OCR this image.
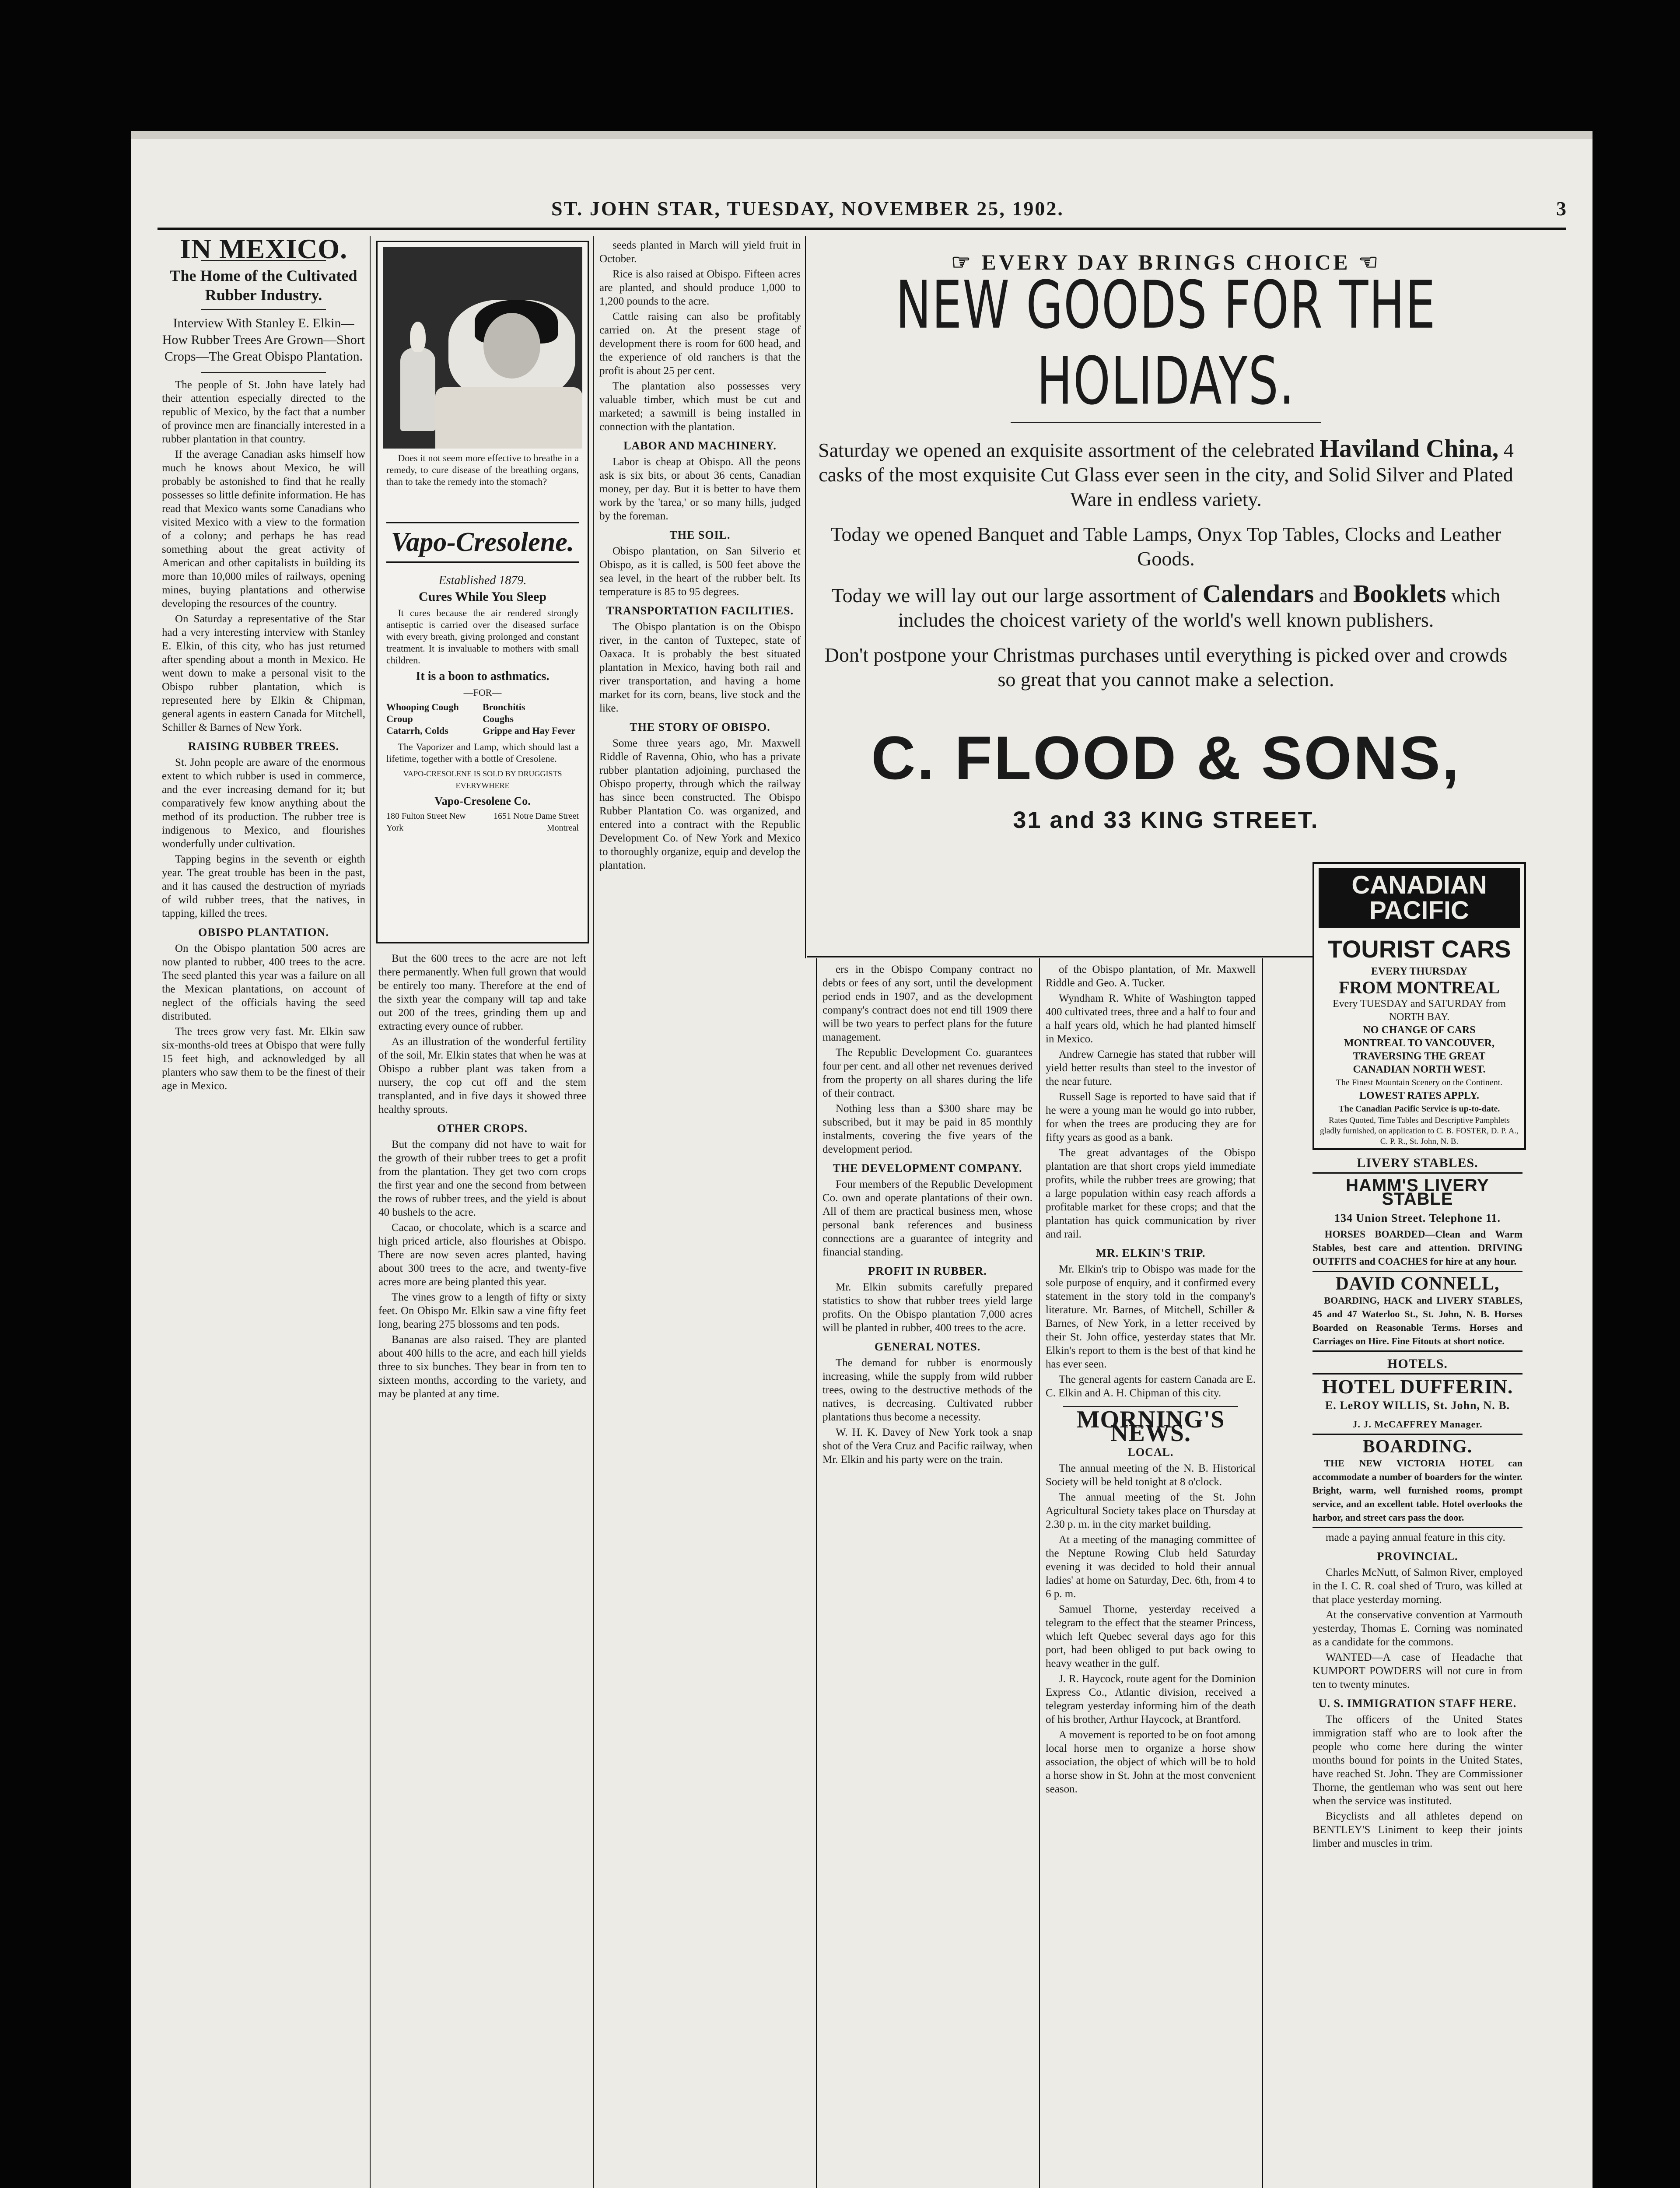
ST. JOHN STAR, TUESDAY, NOVEMBER 25, 1902.	3
IN MEXICO.
The Home of the Cultivated Rubber Industry.
Interview With Stanley E. Elkin—How Rubber Trees Are Grown—Short Crops—The Great Obispo Plantation.

The people of St. John have lately had their attention especially directed to the republic of Mexico, by the fact that a number of province men are financially interested in a rubber plantation in that country.

If the average Canadian asks himself how much he knows about Mexico, he will probably be astonished to find that he really possesses so little definite information. He has read that Mexico wants some Canadians who visited Mexico with a view to the formation of a colony; and perhaps he has read something about the great activity of American and other capitalists in building its more than 10,000 miles of railways, opening mines, buying plantations and otherwise developing the resources of the country.

On Saturday a representative of the Star had a very interesting interview with Stanley E. Elkin, of this city, who has just returned after spending about a month in Mexico. He went down to make a personal visit to the Obispo rubber plantation, which is represented here by Elkin & Chipman, general agents in eastern Canada for Mitchell, Schiller & Barnes of New York.

RAISING RUBBER TREES.

St. John people are aware of the enormous extent to which rubber is used in commerce, and the ever increasing demand for it; but comparatively few know anything about the method of its production. The rubber tree is indigenous to Mexico, and flourishes wonderfully under cultivation.

Tapping begins in the seventh or eighth year. The great trouble has been in the past, and it has caused the destruction of myriads of wild rubber trees, that the natives, in tapping, killed the trees.

OBISPO PLANTATION.

On the Obispo plantation 500 acres are now planted to rubber, 400 trees to the acre. The seed planted this year was a failure on all the Mexican plantations, on account of neglect of the officials having the seed distributed.

The trees grow very fast. Mr. Elkin saw six-months-old trees at Obispo that were fully 15 feet high, and acknowledged by all planters who saw them to be the finest of their age in Mexico.

Does it not seem more effective to breathe in a remedy, to cure disease of the breathing organs, than to take the remedy into the stomach?

Vapo-Cresolene.
Established 1879.
Cures While You Sleep

It cures because the air rendered strongly antiseptic is carried over the diseased surface with every breath, giving prolonged and constant treatment. It is invaluable to mothers with small children.

It is a boon to asthmatics.
—FOR—
Whooping Cough	Bronchitis
Croup	Coughs
Catarrh, Colds	Grippe and Hay Fever

The Vaporizer and Lamp, which should last a lifetime, together with a bottle of Cresolene.

VAPO-CRESOLENE IS SOLD BY DRUGGISTS EVERYWHERE
Vapo-Cresolene Co.
180 Fulton Street New York
1651 Notre Dame Street Montreal

But the 600 trees to the acre are not left there permanently. When full grown that would be entirely too many. Therefore at the end of the sixth year the company will tap and take out 200 of the trees, grinding them up and extracting every ounce of rubber.

As an illustration of the wonderful fertility of the soil, Mr. Elkin states that when he was at Obispo a rubber plant was taken from a nursery, the cop cut off and the stem transplanted, and in five days it showed three healthy sprouts.

OTHER CROPS.

But the company did not have to wait for the growth of their rubber trees to get a profit from the plantation. They get two corn crops the first year and one the second from between the rows of rubber trees, and the yield is about 40 bushels to the acre.

Cacao, or chocolate, which is a scarce and high priced article, also flourishes at Obispo. There are now seven acres planted, having about 300 trees to the acre, and twenty-five acres more are being planted this year.

The vines grow to a length of fifty or sixty feet. On Obispo Mr. Elkin saw a vine fifty feet long, bearing 275 blossoms and ten pods.

Bananas are also raised. They are planted about 400 hills to the acre, and each hill yields three to six bunches. They bear in from ten to sixteen months, according to the variety, and may be planted at any time.

seeds planted in March will yield fruit in October.

Rice is also raised at Obispo. Fifteen acres are planted, and should produce 1,000 to 1,200 pounds to the acre.

Cattle raising can also be profitably carried on. At the present stage of development there is room for 600 head, and the experience of old ranchers is that the profit is about 25 per cent.

The plantation also possesses very valuable timber, which must be cut and marketed; a sawmill is being installed in connection with the plantation.

LABOR AND MACHINERY.

Labor is cheap at Obispo. All the peons ask is six bits, or about 36 cents, Canadian money, per day. But it is better to have them work by the 'tarea,' or so many hills, judged by the foreman.

THE SOIL.

Obispo plantation, on San Silverio et Obispo, as it is called, is 500 feet above the sea level, in the heart of the rubber belt. Its temperature is 85 to 95 degrees.

TRANSPORTATION FACILITIES.

The Obispo plantation is on the Obispo river, in the canton of Tuxtepec, state of Oaxaca. It is probably the best situated plantation in Mexico, having both rail and river transportation, and having a home market for its corn, beans, live stock and the like.

THE STORY OF OBISPO.

Some three years ago, Mr. Maxwell Riddle of Ravenna, Ohio, who has a private rubber plantation adjoining, purchased the Obispo property, through which the railway has since been constructed. The Obispo Rubber Plantation Co. was organized, and entered into a contract with the Republic Development Co. of New York and Mexico to thoroughly organize, equip and develop the plantation.

☞ EVERY DAY BRINGS CHOICE ☜
NEW GOODS FOR THE HOLIDAYS.

Saturday we opened an exquisite assortment of the celebrated Haviland China, 4 casks of the most exquisite Cut Glass ever seen in the city, and Solid Silver and Plated Ware in endless variety.

Today we opened Banquet and Table Lamps, Onyx Top Tables, Clocks and Leather Goods.

Today we will lay out our large assortment of Calendars and Booklets which includes the choicest variety of the world's well known publishers.

Don't postpone your Christmas purchases until everything is picked over and crowds so great that you cannot make a selection.

C. FLOOD & SONS,
31 and 33 KING STREET.

ers in the Obispo Company contract no debts or fees of any sort, until the development period ends in 1907, and as the development company's contract does not end till 1909 there will be two years to perfect plans for the future management.

The Republic Development Co. guarantees four per cent. and all other net revenues derived from the property on all shares during the life of their contract.

Nothing less than a $300 share may be subscribed, but it may be paid in 85 monthly instalments, covering the five years of the development period.

THE DEVELOPMENT COMPANY.

Four members of the Republic Development Co. own and operate plantations of their own. All of them are practical business men, whose personal bank references and business connections are a guarantee of integrity and financial standing.

PROFIT IN RUBBER.

Mr. Elkin submits carefully prepared statistics to show that rubber trees yield large profits. On the Obispo plantation 7,000 acres will be planted in rubber, 400 trees to the acre.

GENERAL NOTES.

The demand for rubber is enormously increasing, while the supply from wild rubber trees, owing to the destructive methods of the natives, is decreasing. Cultivated rubber plantations thus become a necessity.

W. H. K. Davey of New York took a snap shot of the Vera Cruz and Pacific railway, when Mr. Elkin and his party were on the train.

of the Obispo plantation, of Mr. Maxwell Riddle and Geo. A. Tucker.

Wyndham R. White of Washington tapped 400 cultivated trees, three and a half to four and a half years old, which he had planted himself in Mexico.

Andrew Carnegie has stated that rubber will yield better results than steel to the investor of the near future.

Russell Sage is reported to have said that if he were a young man he would go into rubber, for when the trees are producing they are for fifty years as good as a bank.

The great advantages of the Obispo plantation are that short crops yield immediate profits, while the rubber trees are growing; that a large population within easy reach affords a profitable market for these crops; and that the plantation has quick communication by river and rail.

MR. ELKIN'S TRIP.

Mr. Elkin's trip to Obispo was made for the sole purpose of enquiry, and it confirmed every statement in the story told in the company's literature. Mr. Barnes, of Mitchell, Schiller & Barnes, of New York, in a letter received by their St. John office, yesterday states that Mr. Elkin's report to them is the best of that kind he has ever seen.

The general agents for eastern Canada are E. C. Elkin and A. H. Chipman of this city.

MORNING'S NEWS.
LOCAL.

The annual meeting of the N. B. Historical Society will be held tonight at 8 o'clock.

The annual meeting of the St. John Agricultural Society takes place on Thursday at 2.30 p. m. in the city market building.

At a meeting of the managing committee of the Neptune Rowing Club held Saturday evening it was decided to hold their annual ladies' at home on Saturday, Dec. 6th, from 4 to 6 p. m.

Samuel Thorne, yesterday received a telegram to the effect that the steamer Princess, which left Quebec several days ago for this port, had been obliged to put back owing to heavy weather in the gulf.

J. R. Haycock, route agent for the Dominion Express Co., Atlantic division, received a telegram yesterday informing him of the death of his brother, Arthur Haycock, at Brantford.

A movement is reported to be on foot among local horse men to organize a horse show association, the object of which will be to hold a horse show in St. John at the most convenient season.

CANADIAN
PACIFIC
TOURIST CARS
EVERY THURSDAY
FROM MONTREAL
Every TUESDAY and SATURDAY from NORTH BAY.
NO CHANGE OF CARS
MONTREAL TO VANCOUVER,
TRAVERSING THE GREAT
CANADIAN NORTH WEST.
The Finest Mountain Scenery on the Continent.
LOWEST RATES APPLY.
The Canadian Pacific Service is up-to-date.
Rates Quoted, Time Tables and Descriptive Pamphlets gladly furnished, on application to C. B. FOSTER, D. P. A., C. P. R., St. John, N. B.
LIVERY STABLES.
HAMM'S LIVERY STABLE
134 Union Street. Telephone 11.

HORSES BOARDED—Clean and Warm Stables, best care and attention. DRIVING OUTFITS and COACHES for hire at any hour.

DAVID CONNELL,

BOARDING, HACK and LIVERY STABLES, 45 and 47 Waterloo St., St. John, N. B. Horses Boarded on Reasonable Terms. Horses and Carriages on Hire. Fine Fitouts at short notice.

HOTELS.
HOTEL DUFFERIN.
E. LeROY WILLIS, St. John, N. B.
J. J. McCAFFREY Manager.
BOARDING.

THE NEW VICTORIA HOTEL can accommodate a number of boarders for the winter. Bright, warm, well furnished rooms, prompt service, and an excellent table. Hotel overlooks the harbor, and street cars pass the door.

made a paying annual feature in this city.

PROVINCIAL.

Charles McNutt, of Salmon River, employed in the I. C. R. coal shed of Truro, was killed at that place yesterday morning.

At the conservative convention at Yarmouth yesterday, Thomas E. Corning was nominated as a candidate for the commons.

WANTED—A case of Headache that KUMPORT POWDERS will not cure in from ten to twenty minutes.

U. S. IMMIGRATION STAFF HERE.

The officers of the United States immigration staff who are to look after the people who come here during the winter months bound for points in the United States, have reached St. John. They are Commissioner Thorne, the gentleman who was sent out here when the service was instituted.

Bicyclists and all athletes depend on BENTLEY'S Liniment to keep their joints limber and muscles in trim.
